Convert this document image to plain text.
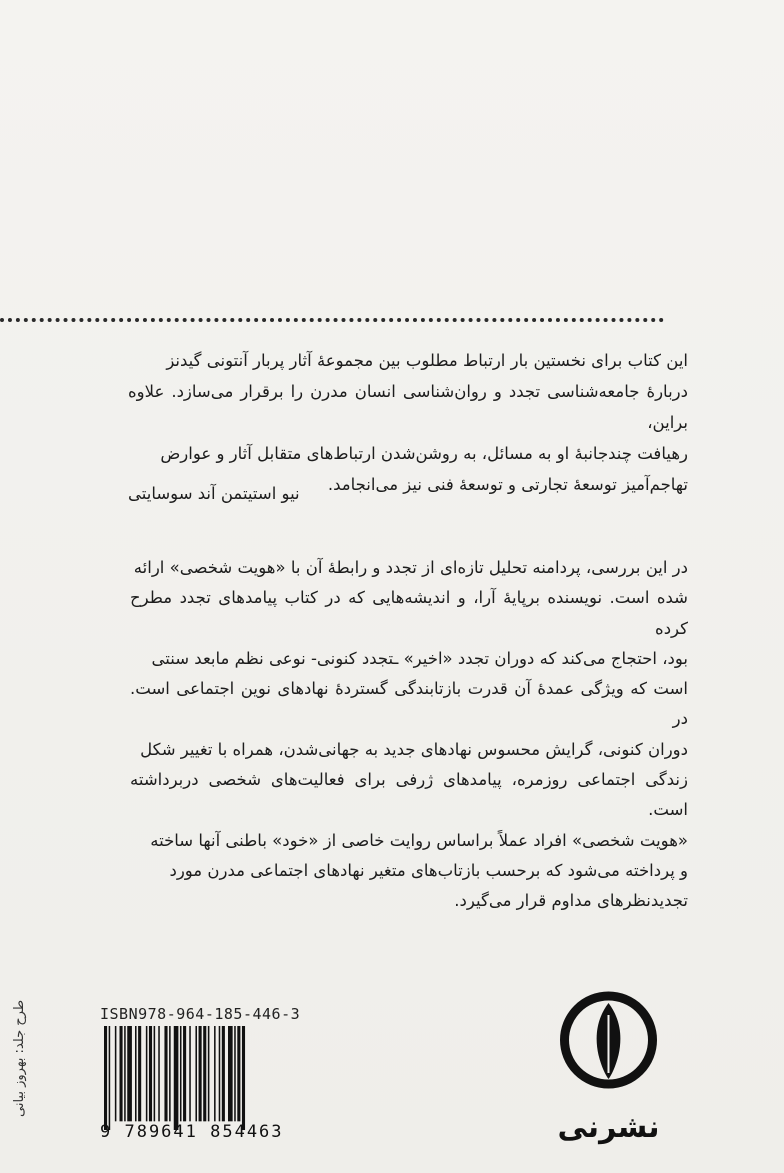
این کتاب برای نخستین بار ارتباط مطلوب بین مجموعهٔ آثار پربار آنتونی گیدنز

دربارهٔ جامعه‌شناسی تجدد و روان‌شناسی انسان مدرن را برقرار می‌سازد. علاوه براین،

رهیافت چندجانبهٔ او به مسائل، به روشن‌شدن ارتباط‌های متقابل آثار و عوارض

تهاجم‌آمیز توسعهٔ تجارتی و توسعهٔ فنی نیز می‌انجامد.

نیو استیتمن آند سوسایتی

در این بررسی، پردامنه تحلیل تازه‌ای از تجدد و رابطهٔ آن با «هویت شخصی» ارائه

شده است. نویسنده برپایهٔ آرا، و اندیشه‌هایی که در کتاب پیامدهای تجدد مطرح کرده

بود، احتجاج می‌کند که دوران تجدد «اخیر» ـتجدد کنونی- نوعی نظم مابعد سنتی

است که ویژگی عمدهٔ آن قدرت بازتابندگی گستردهٔ نهادهای نوین اجتماعی است. در

دوران کنونی، گرایش محسوس نهادهای جدید به جهانی‌شدن، همراه با تغییر شکل

زندگی اجتماعی روزمره، پیامدهای ژرفی برای فعالیت‌های شخصی دربرداشته است.

«هویت شخصی» افراد عملاً براساس روایت خاصی از «خود» باطنی آنها ساخته

و پرداخته می‌شود که برحسب بازتاب‌های متغیر نهادهای اجتماعی مدرن مورد

تجدیدنظرهای مداوم قرار می‌گیرد.

ISBN978-964-185-446-3
9 789641 854463	نشرنی
طرح جلد: بهروز بیانی
